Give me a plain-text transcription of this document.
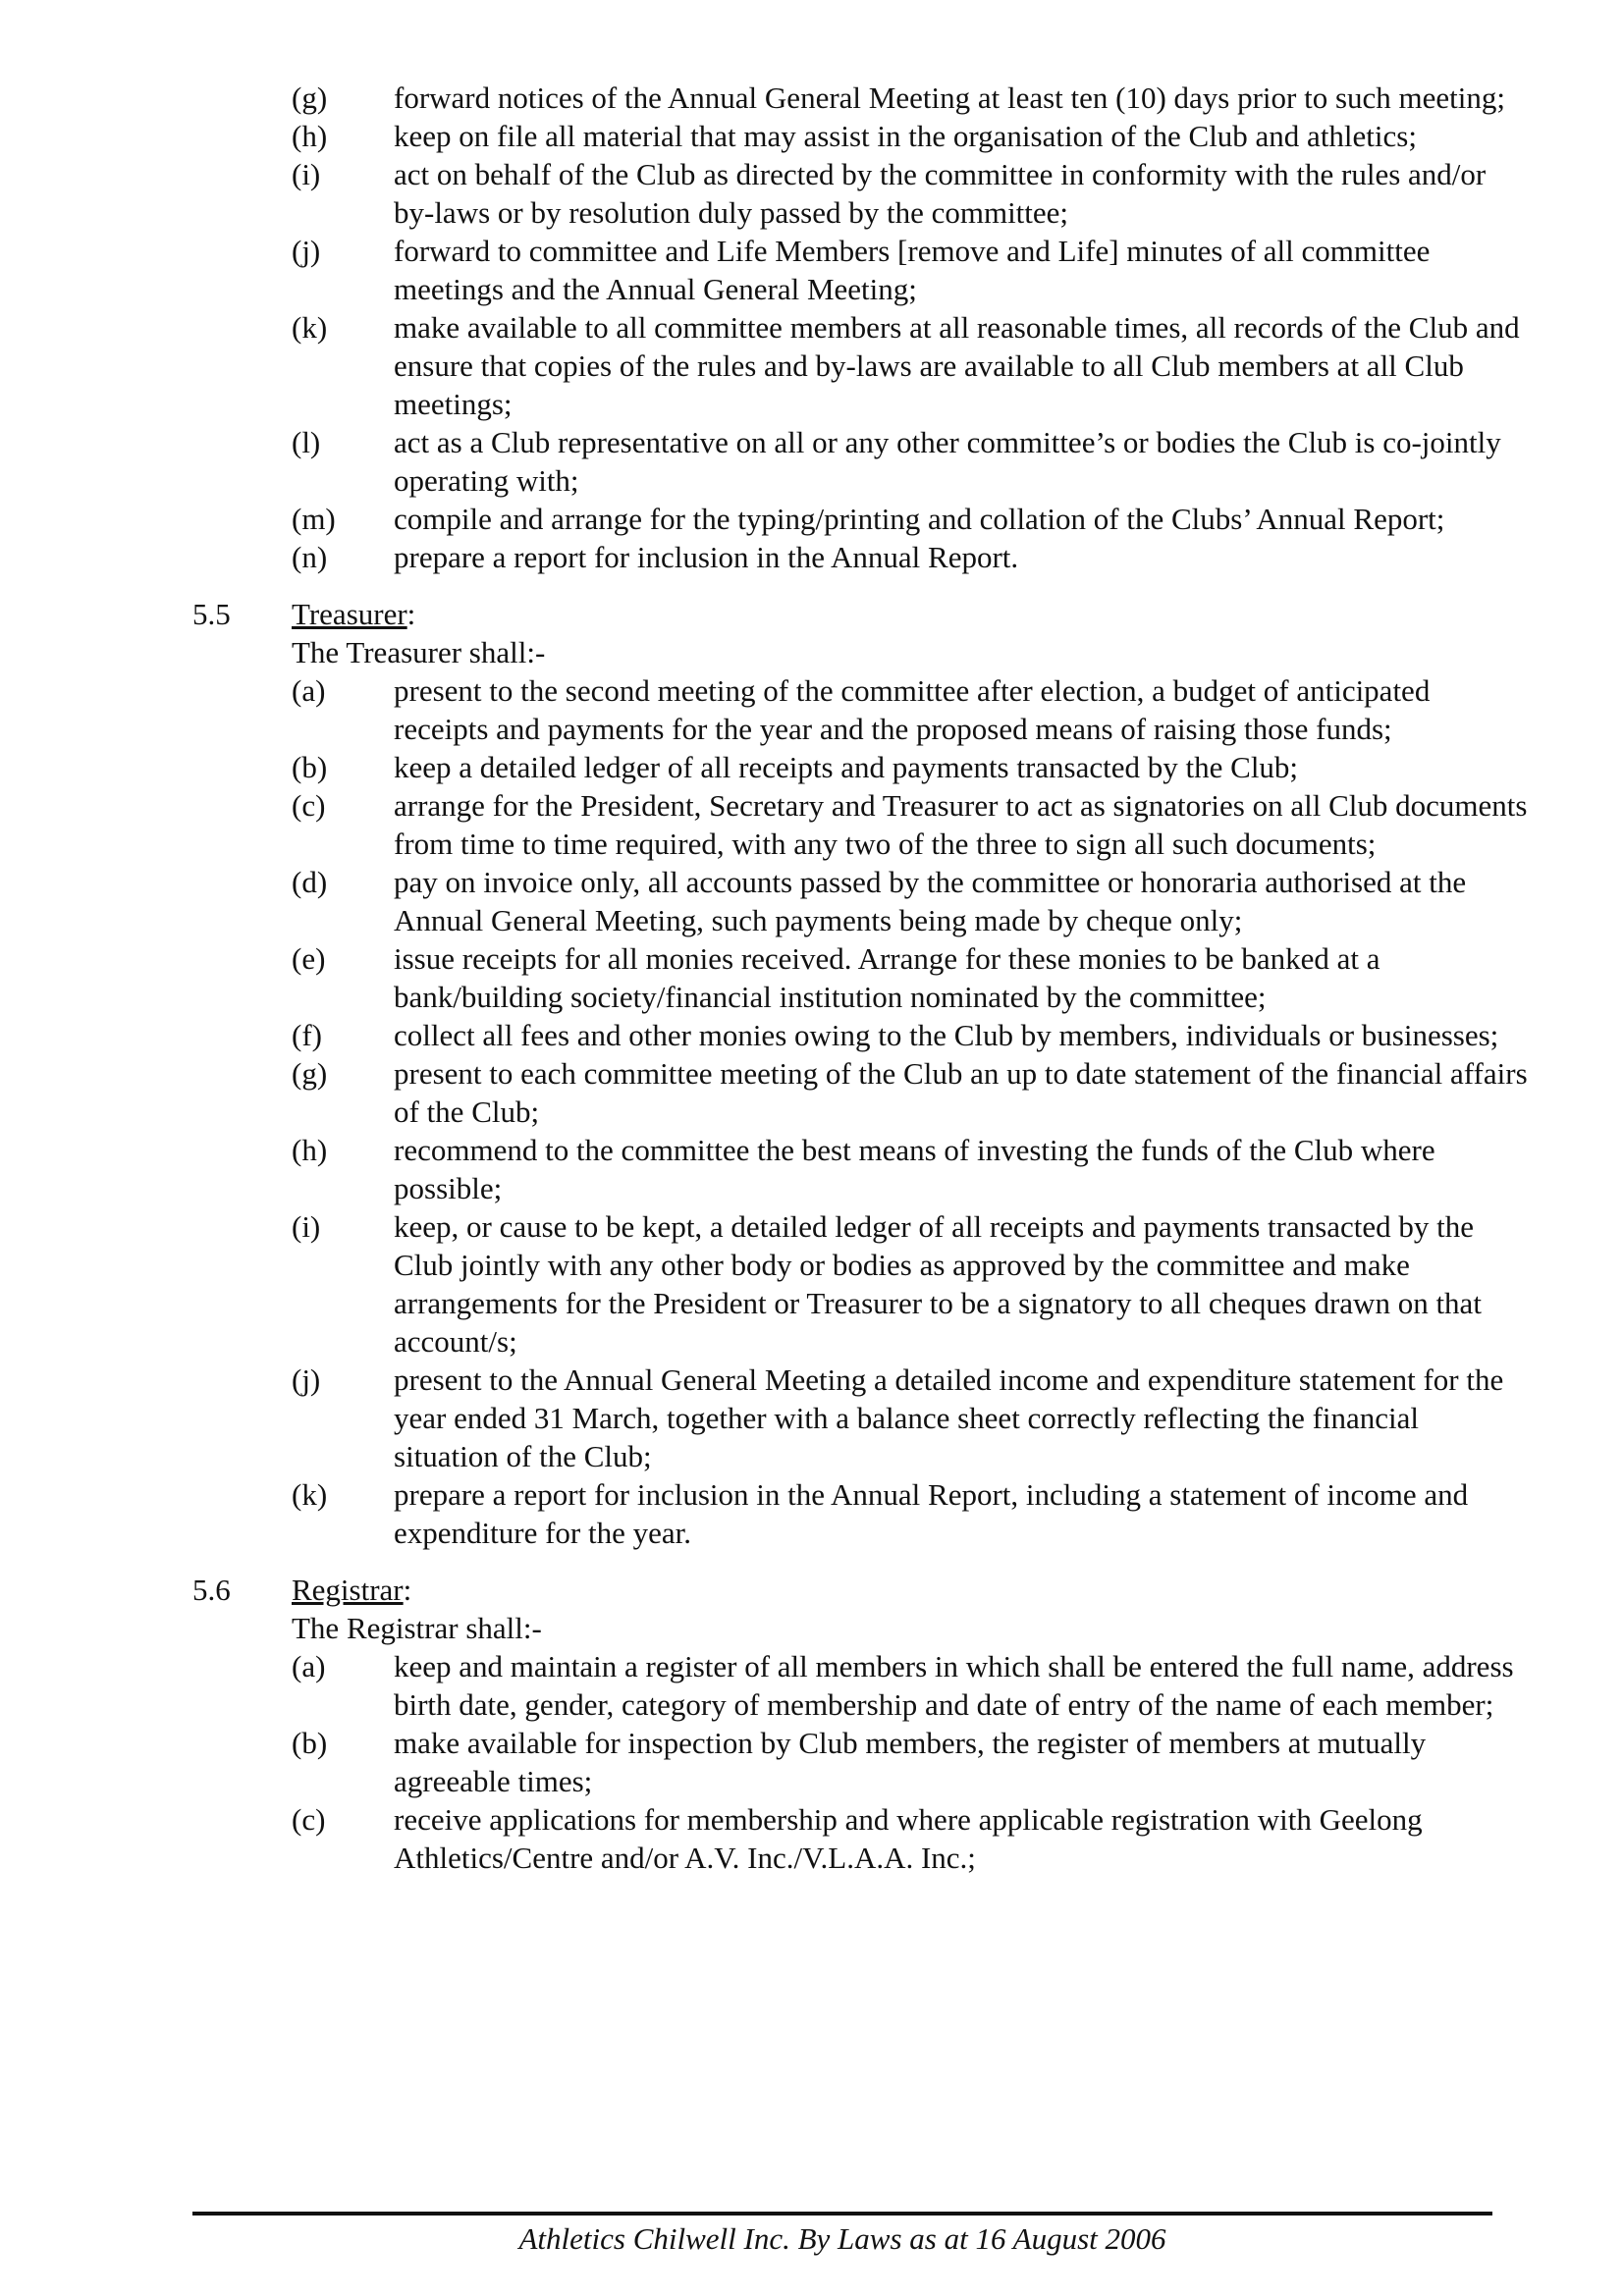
(g)	forward notices of the Annual General Meeting at least ten (10) days prior to such meeting;
(h)	keep on file all material that may assist in the organisation of the Club and athletics;
(i)	act on behalf of the Club as directed by the committee in conformity with the rules and/or by-laws or by resolution duly passed by the committee;
(j)	forward to committee and Life Members [remove and Life] minutes of all committee meetings and the Annual General Meeting;
(k)	make available to all committee members at all reasonable times, all records of the Club and ensure that copies of the rules and by-laws are available to all Club members at all Club meetings;
(l)	act as a Club representative on all or any other committee’s or bodies the Club is co-jointly operating with;
(m)	compile and arrange for the typing/printing and collation of the Clubs’ Annual Report;
(n)	prepare a report for inclusion in the Annual Report.
5.5	Treasurer:
The Treasurer shall:-
(a)	present to the second meeting of the committee after election, a budget of anticipated receipts and payments for the year and the proposed means of raising those funds;
(b)	keep a detailed ledger of all receipts and payments transacted by the Club;
(c)	arrange for the President, Secretary and Treasurer to act as signatories on all Club documents from time to time required, with any two of the three to sign all such documents;
(d)	pay on invoice only, all accounts passed by the committee or honoraria authorised at the Annual General Meeting, such payments being made by cheque only;
(e)	issue receipts for all monies received. Arrange for these monies to be banked at a bank/building society/financial institution nominated by the committee;
(f)	collect all fees and other monies owing to the Club by members, individuals or businesses;
(g)	present to each committee meeting of the Club an up to date statement of the financial affairs of the Club;
(h)	recommend to the committee the best means of investing the funds of the Club where possible;
(i)	keep, or cause to be kept, a detailed ledger of all receipts and payments transacted by the Club jointly with any other body or bodies as approved by the committee and make arrangements for the President or Treasurer to be a signatory to all cheques drawn on that account/s;
(j)	present to the Annual General Meeting a detailed income and expenditure statement for the year ended 31 March, together with a balance sheet correctly reflecting the financial situation of the Club;
(k)	prepare a report for inclusion in the Annual Report, including a statement of income and expenditure for the year.
5.6	Registrar:
The Registrar shall:-
(a)	keep and maintain a register of all members in which shall be entered the full name, address birth date, gender, category of membership and date of entry of the name of each member;
(b)	make available for inspection by Club members, the register of members at mutually agreeable times;
(c)	receive applications for membership and where applicable registration with Geelong Athletics/Centre and/or A.V. Inc./V.L.A.A. Inc.;
Athletics Chilwell Inc. By Laws as at 16 August 2006
